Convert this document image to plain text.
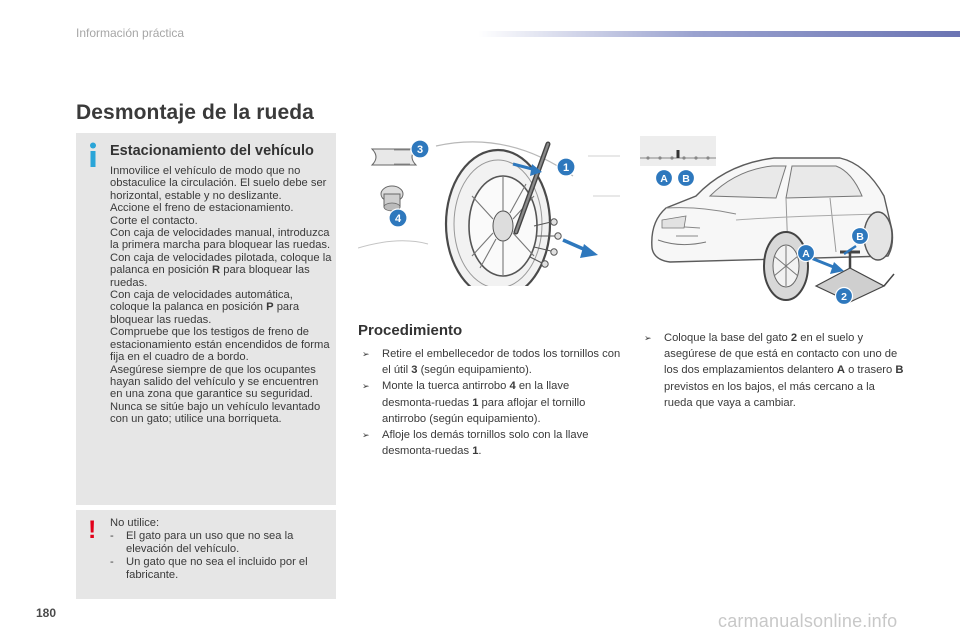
Información práctica
Desmontaje de la rueda
Estacionamiento del vehículo

Inmovilice el vehículo de modo que no obstaculice la circulación. El suelo debe ser horizontal, estable y no deslizante.

Accione el freno de estacionamiento.

Corte el contacto.

Con caja de velocidades manual, introduzca la primera marcha para bloquear las ruedas.

Con caja de velocidades pilotada, coloque la palanca en posición R para bloquear las ruedas.

Con caja de velocidades automática, coloque la palanca en posición P para bloquear las ruedas.

Compruebe que los testigos de freno de estacionamiento están encendidos de forma fija en el cuadro de a bordo.

Asegúrese siempre de que los ocupantes hayan salido del vehículo y se encuentren en una zona que garantice su seguridad.

Nunca se sitúe bajo un vehículo levantado con un gato; utilice una borriqueta.

! No utilice:
- El gato para un uso que no sea la elevación del vehículo.
- Un gato que no sea el incluido por el fabricante.
3
1
4
A B
A
B
2
Procedimiento
➢ Retire el embellecedor de todos los tornillos con el útil 3 (según equipamiento).
➢ Monte la tuerca antirrobo 4 en la llave desmonta-ruedas 1 para aflojar el tornillo antirrobo (según equipamiento).
➢ Afloje los demás tornillos solo con la llave desmonta-ruedas 1.
➢ Coloque la base del gato 2 en el suelo y asegúrese de que está en contacto con uno de los dos emplazamientos delantero A o trasero B previstos en los bajos, el más cercano a la rueda que vaya a cambiar.
180	carmanualsonline.info
